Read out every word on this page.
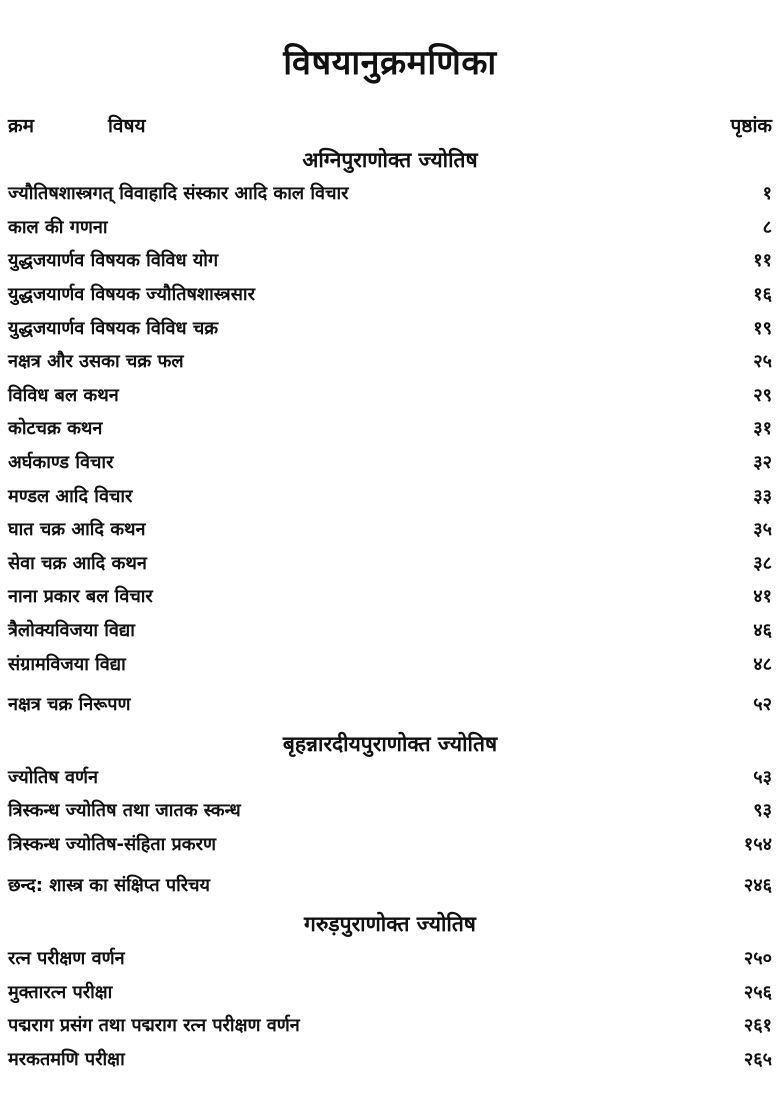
विषयानुक्रमणिका
क्रम	विषय	पृष्ठांक
अग्निपुराणोक्त ज्योतिष
ज्यौतिषशास्त्रगत् विवाहादि संस्कार आदि काल विचार	१
काल की गणना	८
युद्धजयार्णव विषयक विविध योग	११
युद्धजयार्णव विषयक ज्यौतिषशास्त्रसार	१६
युद्धजयार्णव विषयक विविध चक्र	१९
नक्षत्र और उसका चक्र फल	२५
विविध बल कथन	२९
कोटचक्र कथन	३१
अर्घकाण्ड विचार	३२
मण्डल आदि विचार	३३
घात चक्र आदि कथन	३५
सेवा चक्र आदि कथन	३८
नाना प्रकार बल विचार	४१
त्रैलोक्यविजया विद्या	४६
संग्रामविजया विद्या	४८
नक्षत्र चक्र निरूपण	५२
बृहन्नारदीयपुराणोक्त ज्योतिष
ज्योतिष वर्णन	५३
त्रिस्कन्ध ज्योतिष तथा जातक स्कन्ध	९३
त्रिस्कन्ध ज्योतिष-संहिता प्रकरण	१५४
छन्द: शास्त्र का संक्षिप्त परिचय	२४६
गरुड़पुराणोक्त ज्योतिष
रत्न परीक्षण वर्णन	२५०
मुक्तारत्न परीक्षा	२५६
पद्मराग प्रसंग तथा पद्मराग रत्न परीक्षण वर्णन	२६१
मरकतमणि परीक्षा	२६५
